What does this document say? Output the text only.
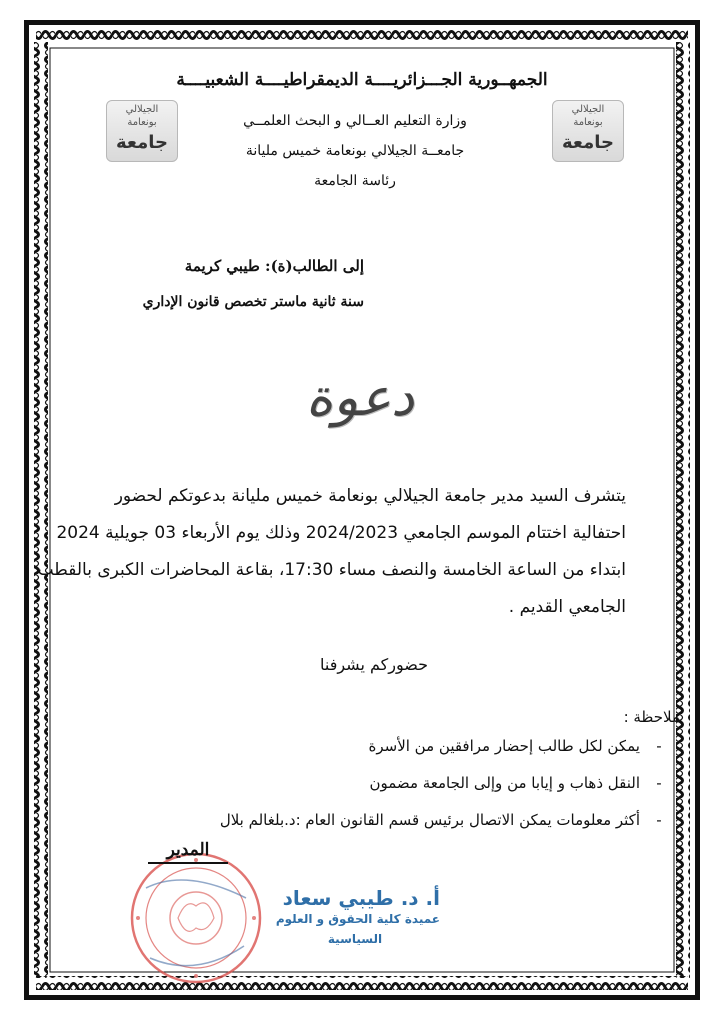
الجمهــورية الجـــزائريــــة الديمقراطيــــة الشعبيــــة
وزارة التعليم العــالي و البحث العلمــي
جامعــة الجيلالي بونعامة خميس مليانة
رئاسة الجامعة
الجيلالي
بونعامة
جامعة
الجيلالي
بونعامة
جامعة
إلى الطالب(ة): طيبي كريمة
سنة ثانية ماستر تخصص قانون الإداري
دعوة
يتشرف السيد مدير جامعة الجيلالي بونعامة خميس مليانة بدعوتكم لحضور
احتفالية اختتام الموسم الجامعي 2024/2023 وذلك يوم الأربعاء 03 جويلية 2024
ابتداء من الساعة الخامسة والنصف مساء 17:30، بقاعة المحاضرات الكبرى بالقطب
الجامعي القديم .
حضوركم يشرفنا
ملاحظة :
-يمكن لكل طالب إحضار مرافقين من الأسرة
-النقل ذهاب و إيابا من وإلى الجامعة مضمون
-أكثر معلومات يمكن الاتصال برئيس قسم القانون العام :د.بلغالم بلال
المدير
أ. د. طيبي سعاد
عميدة كلية الحقوق و العلوم
السياسية
